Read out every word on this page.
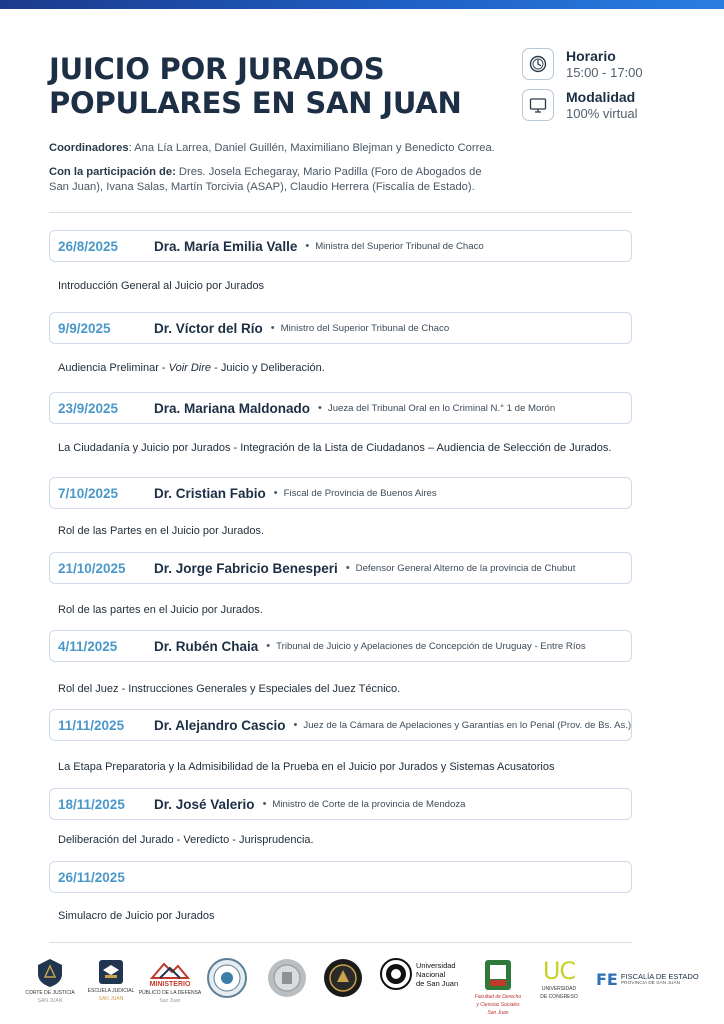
JUICIO POR JURADOS
POPULARES EN SAN JUAN
Horario
15:00 - 17:00
Modalidad
100% virtual

Coordinadores: Ana Lía Larrea, Daniel Guillén, Maximiliano Blejman y Benedicto Correa.

Con la participación de: Dres. Josela Echegaray, Mario Padilla (Foro de Abogados de San Juan), Ivana Salas, Martín Torcivia (ASAP), Claudio Herrera (Fiscalía de Estado).

26/8/2025	Dra. María Emilia Valle • Ministra del Superior Tribunal de Chaco
Introducción General al Juicio por Jurados
9/9/2025	Dr. Víctor del Río • Ministro del Superior Tribunal de Chaco
Audiencia Preliminar - Voir Dire - Juicio y Deliberación.
23/9/2025	Dra. Mariana Maldonado • Jueza del Tribunal Oral en lo Criminal N.° 1 de Morón
La Ciudadanía y Juicio por Jurados - Integración de la Lista de Ciudadanos – Audiencia de Selección de Jurados.
7/10/2025	Dr. Cristian Fabio • Fiscal de Provincia de Buenos Aires
Rol de las Partes en el Juicio por Jurados.
21/10/2025	Dr. Jorge Fabricio Benesperi • Defensor General Alterno de la provincia de Chubut
Rol de las partes en el Juicio por Jurados.
4/11/2025	Dr. Rubén Chaia • Tribunal de Juicio y Apelaciones de Concepción de Uruguay - Entre Ríos
Rol del Juez - Instrucciones Generales y Especiales del Juez Técnico.
11/11/2025	Dr. Alejandro Cascio • Juez de la Cámara de Apelaciones y Garantías en lo Penal (Prov. de Bs. As.)
La Etapa Preparatoria y la Admisibilidad de la Prueba en el Juicio por Jurados y Sistemas Acusatorios
18/11/2025	Dr. José Valerio • Ministro de Corte de la provincia de Mendoza
Deliberación del Jurado - Veredicto - Jurisprudencia.
26/11/2025
Simulacro de Juicio por Jurados
CORTE DE JUSTICIA
SAN JUAN
ESCUELA JUDICIAL
SAN JUAN
MINISTERIO
PÚBLICO DE LA DEFENSA
San Juan
Universidad
Nacional
de San Juan
Facultad de Derecho
y Ciencias Sociales
San Juan
UC
UNIVERSIDAD
DE CONGRESO
FE FISCALÍA DE ESTADO
PROVINCIA DE SAN JUAN
